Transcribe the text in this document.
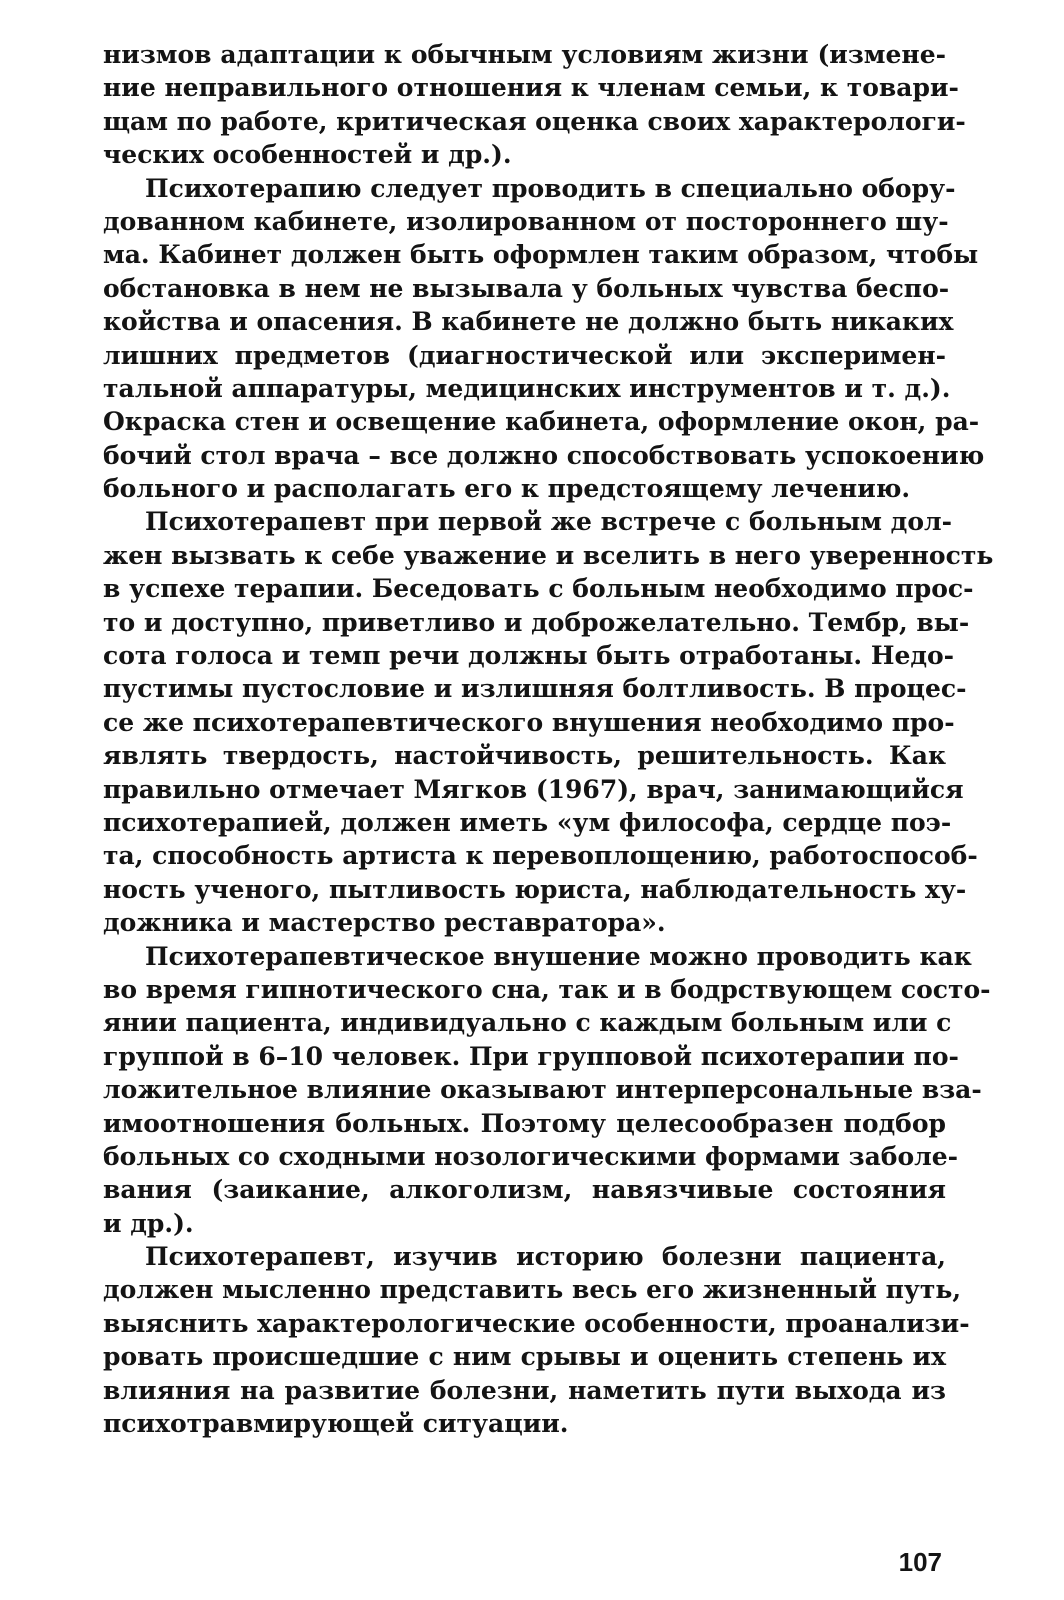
низмов адаптации к обычным условиям жизни (измене-
ние неправильного отношения к членам семьи, к товари-
щам по работе, критическая оценка своих характерологи-
ческих особенностей и др.).
Психотерапию следует проводить в специально обору-
дованном кабинете, изолированном от постороннего шу-
ма. Кабинет должен быть оформлен таким образом, чтобы
обстановка в нем не вызывала у больных чувства беспо-
койства и опасения. В кабинете не должно быть никаких
лишних предметов (диагностической или эксперимен-
тальной аппаратуры, медицинских инструментов и т. д.).
Окраска стен и освещение кабинета, оформление окон, ра-
бочий стол врача – все должно способствовать успокоению
больного и располагать его к предстоящему лечению.
Психотерапевт при первой же встрече с больным дол-
жен вызвать к себе уважение и вселить в него уверенность
в успехе терапии. Беседовать с больным необходимо прос-
то и доступно, приветливо и доброжелательно. Тембр, вы-
сота голоса и темп речи должны быть отработаны. Недо-
пустимы пустословие и излишняя болтливость. В процес-
се же психотерапевтического внушения необходимо про-
являть твердость, настойчивость, решительность. Как
правильно отмечает Мягков (1967), врач, занимающийся
психотерапией, должен иметь «ум философа, сердце поэ-
та, способность артиста к перевоплощению, работоспособ-
ность ученого, пытливость юриста, наблюдательность ху-
дожника и мастерство реставратора».
Психотерапевтическое внушение можно проводить как
во время гипнотического сна, так и в бодрствующем состо-
янии пациента, индивидуально с каждым больным или с
группой в 6–10 человек. При групповой психотерапии по-
ложительное влияние оказывают интерперсональные вза-
имоотношения больных. Поэтому целесообразен подбор
больных со сходными нозологическими формами заболе-
вания (заикание, алкоголизм, навязчивые состояния
и др.).
Психотерапевт, изучив историю болезни пациента,
должен мысленно представить весь его жизненный путь,
выяснить характерологические особенности, проанализи-
ровать происшедшие с ним срывы и оценить степень их
влияния на развитие болезни, наметить пути выхода из
психотравмирующей ситуации.
107
